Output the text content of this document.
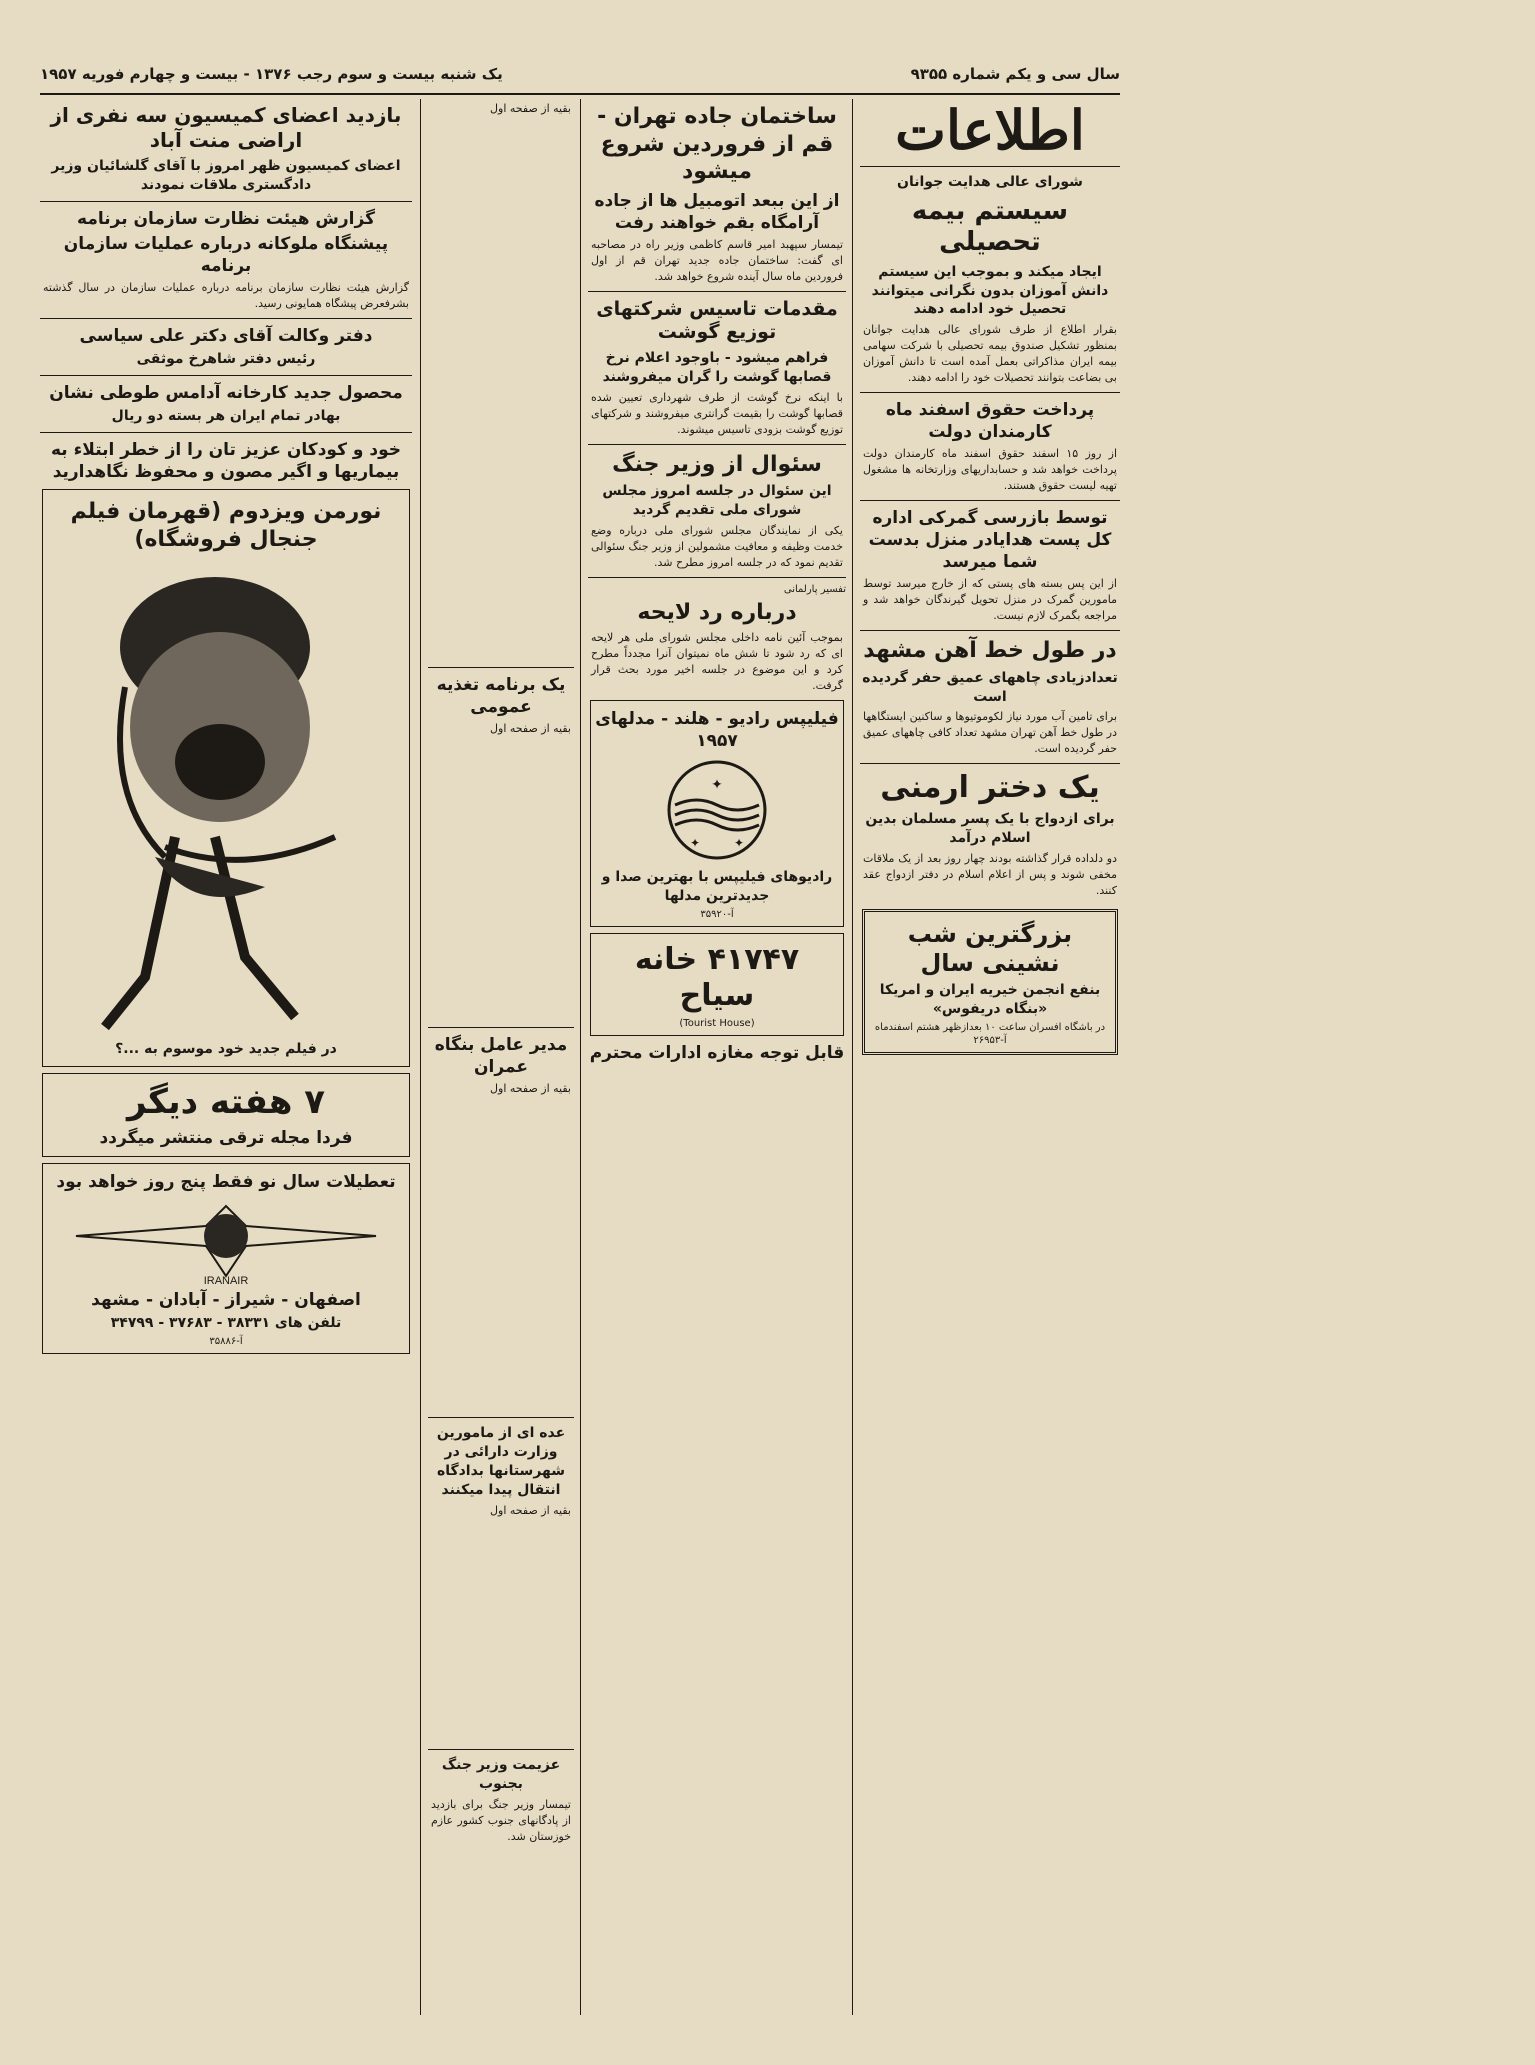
سال سی و یکم شماره ۹۳۵۵
یک شنبه بیست و سوم رجب ۱۳۷۶ - بیست و چهارم فوریه ۱۹۵۷
اطلاعات
شورای عالی هدایت جوانان
سیستم بیمه تحصیلی
ایجاد میکند و بموجب این سیستم دانش آموزان بدون نگرانی میتوانند تحصیل خود ادامه دهند
بقرار اطلاع از طرف شورای عالی هدایت جوانان بمنظور تشکیل صندوق بیمه تحصیلی با شرکت سهامی بیمه ایران مذاکراتی بعمل آمده است تا دانش آموزان بی بضاعت بتوانند تحصیلات خود را ادامه دهند.
پرداخت حقوق اسفند ماه کارمندان دولت
از روز ۱۵ اسفند حقوق اسفند ماه کارمندان دولت پرداخت خواهد شد و حسابداریهای وزارتخانه ها مشغول تهیه لیست حقوق هستند.
توسط بازرسی گمرکی اداره کل پست هدایادر منزل بدست شما میرسد
از این پس بسته های پستی که از خارج میرسد توسط مامورین گمرک در منزل تحویل گیرندگان خواهد شد و مراجعه بگمرک لازم نیست.
در طول خط آهن مشهد
تعدادزیادی چاههای عمیق حفر گردیده است
برای تامین آب مورد نیاز لکوموتیوها و ساکنین ایستگاهها در طول خط آهن تهران مشهد تعداد کافی چاههای عمیق حفر گردیده است.
یک دختر ارمنی
برای ازدواج با یک پسر مسلمان بدین اسلام درآمد
دو دلداده قرار گذاشته بودند چهار روز بعد از یک ملاقات مخفی شوند و پس از اعلام اسلام در دفتر ازدواج عقد کنند.
بزرگترین شب نشینی سال
بنفع انجمن خیریه ایران و امریکا «بنگاه دریفوس»
در باشگاه افسران ساعت ۱۰ بعدازظهر هشتم اسفندماه
آ-۲۶۹۵۳
ساختمان جاده تهران - قم از فروردین شروع میشود
از این ببعد اتومبیل ها از جاده آرامگاه بقم خواهند رفت
تیمسار سپهبد امیر قاسم کاظمی وزیر راه در مصاحبه ای گفت: ساختمان جاده جدید تهران قم از اول فروردین ماه سال آینده شروع خواهد شد.
مقدمات تاسیس شرکتهای توزیع گوشت
فراهم میشود - باوجود اعلام نرخ قصابها گوشت را گران میفروشند
با اینکه نرخ گوشت از طرف شهرداری تعیین شده قصابها گوشت را بقیمت گرانتری میفروشند و شرکتهای توزیع گوشت بزودی تاسیس میشوند.
سئوال از وزیر جنگ
این سئوال در جلسه امروز مجلس شورای ملی تقدیم گردید
یکی از نمایندگان مجلس شورای ملی درباره وضع خدمت وظیفه و معافیت مشمولین از وزیر جنگ سئوالی تقدیم نمود که در جلسه امروز مطرح شد.
تفسیر پارلمانی
درباره رد لایحه
بموجب آئین نامه داخلی مجلس شورای ملی هر لایحه ای که رد شود تا شش ماه نمیتوان آنرا مجدداً مطرح کرد و این موضوع در جلسه اخیر مورد بحث قرار گرفت.
فیلیپس رادیو - هلند - مدلهای ۱۹۵۷
✦
✦	✦
رادیوهای فیلیپس با بهترین صدا و جدیدترین مدلها
آ-۳۵۹۲۰
۴۱۷۴۷ خانه سیاح
(Tourist House)
قابل توجه مغازه ادارات محترم
بقیه از صفحه اول
یک برنامه تغذیه عمومی
بقیه از صفحه اول
مدیر عامل بنگاه عمران
بقیه از صفحه اول
عده ای از مامورین وزارت دارائی در شهرستانها بدادگاه انتقال پیدا میکنند
بقیه از صفحه اول
عزیمت وزیر جنگ بجنوب
تیمسار وزیر جنگ برای بازدید از پادگانهای جنوب کشور عازم خوزستان شد.
بازدید اعضای کمیسیون سه نفری از اراضی منت آباد
اعضای کمیسیون ظهر امروز با آقای گلشائیان وزیر دادگستری ملاقات نمودند
گزارش هیئت نظارت سازمان برنامه
پیشنگاه ملوکانه درباره عملیات سازمان برنامه
گزارش هیئت نظارت سازمان برنامه درباره عملیات سازمان در سال گذشته بشرفعرض پیشگاه همایونی رسید.
دفتر وکالت آقای دکتر علی سیاسی
رئیس دفتر شاهرخ موثقی
محصول جدید کارخانه آدامس طوطی نشان
بهادر تمام ایران هر بسته دو ریال
خود و کودکان عزیز تان را از خطر ابتلاء به بیماریها و اگیر مصون و محفوظ نگاهدارید
نورمن ویزدوم (قهرمان فیلم جنجال فروشگاه)
در فیلم جدید خود موسوم به ...؟
۷ هفته دیگر
فردا مجله ترقی منتشر میگردد
تعطیلات سال نو فقط پنج روز خواهد بود
IRANAIR
اصفهان - شیراز - آبادان - مشهد
تلفن های ۳۸۳۳۱ - ۳۷۶۸۳ - ۳۴۷۹۹
آ-۳۵۸۸۶
